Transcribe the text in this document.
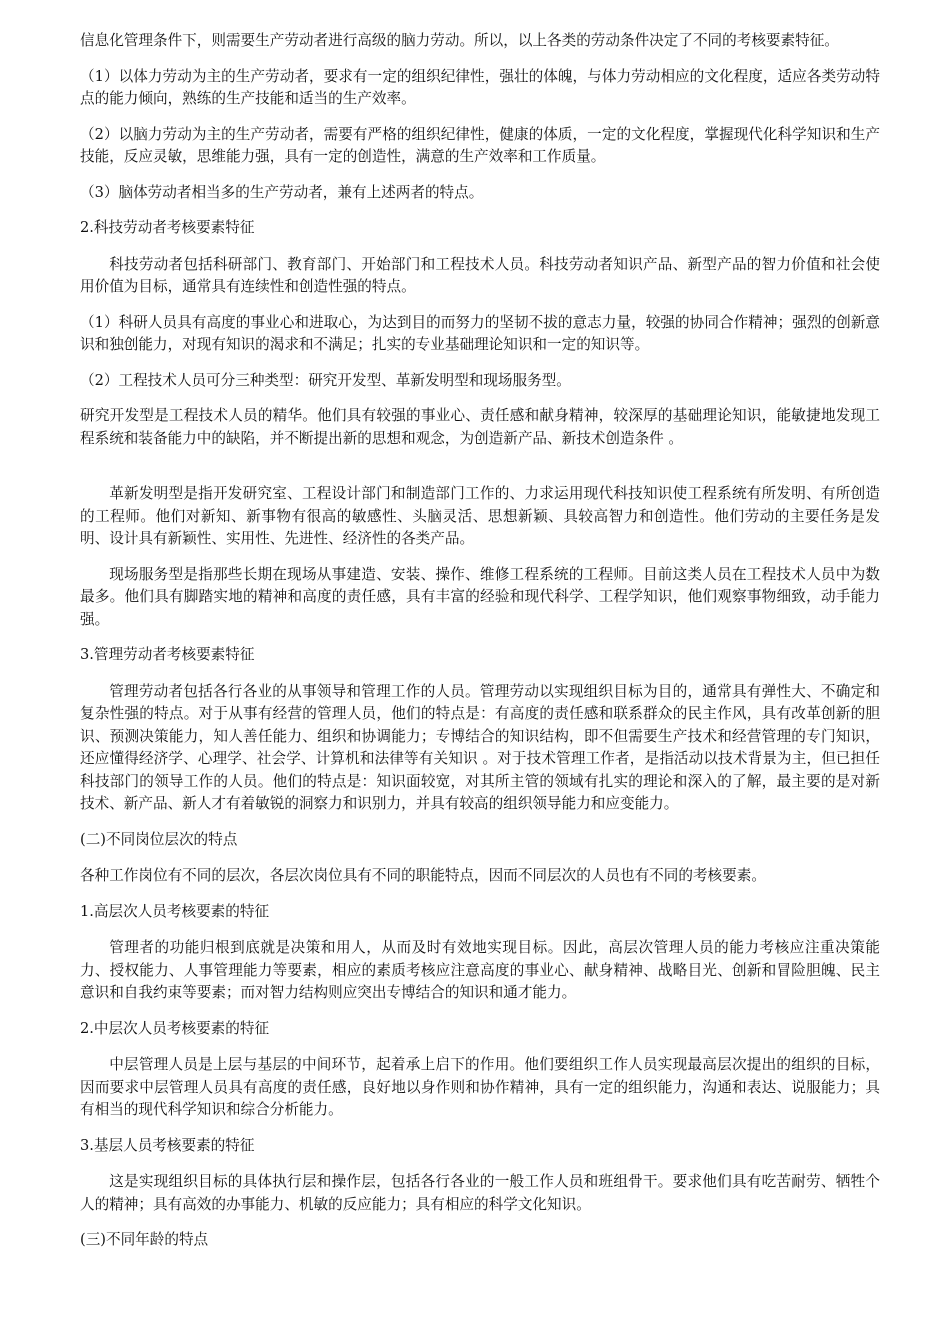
信息化管理条件下，则需要生产劳动者进行高级的脑力劳动。所以，以上各类的劳动条件决定了不同的考核要素特征。

（1）以体力劳动为主的生产劳动者，要求有一定的组织纪律性，强壮的体魄，与体力劳动相应的文化程度，适应各类劳动特点的能力倾向，熟练的生产技能和适当的生产效率。

（2）以脑力劳动为主的生产劳动者，需要有严格的组织纪律性，健康的体质，一定的文化程度，掌握现代化科学知识和生产技能，反应灵敏，思维能力强，具有一定的创造性，满意的生产效率和工作质量。

（3）脑体劳动者相当多的生产劳动者，兼有上述两者的特点。

2.科技劳动者考核要素特征

科技劳动者包括科研部门、教育部门、开始部门和工程技术人员。科技劳动者知识产品、新型产品的智力价值和社会使用价值为目标，通常具有连续性和创造性强的特点。

（1）科研人员具有高度的事业心和进取心，为达到目的而努力的坚韧不拔的意志力量，较强的协同合作精神；强烈的创新意识和独创能力，对现有知识的渴求和不满足；扎实的专业基础理论知识和一定的知识等。

（2）工程技术人员可分三种类型：研究开发型、革新发明型和现场服务型。

研究开发型是工程技术人员的精华。他们具有较强的事业心、责任感和献身精神，较深厚的基础理论知识，能敏捷地发现工程系统和装备能力中的缺陷，并不断提出新的思想和观念，为创造新产品、新技术创造条件 。

革新发明型是指开发研究室、工程设计部门和制造部门工作的、力求运用现代科技知识使工程系统有所发明、有所创造的工程师。他们对新知、新事物有很高的敏感性、头脑灵活、思想新颖、具较高智力和创造性。他们劳动的主要任务是发明、设计具有新颖性、实用性、先进性、经济性的各类产品。

现场服务型是指那些长期在现场从事建造、安装、操作、维修工程系统的工程师。目前这类人员在工程技术人员中为数最多。他们具有脚踏实地的精神和高度的责任感，具有丰富的经验和现代科学、工程学知识，他们观察事物细致，动手能力强。

3.管理劳动者考核要素特征

管理劳动者包括各行各业的从事领导和管理工作的人员。管理劳动以实现组织目标为目的，通常具有弹性大、不确定和复杂性强的特点。对于从事有经营的管理人员，他们的特点是：有高度的责任感和联系群众的民主作风，具有改革创新的胆识、预测决策能力，知人善任能力、组织和协调能力；专博结合的知识结构，即不但需要生产技术和经营管理的专门知识，还应懂得经济学、心理学、社会学、计算机和法律等有关知识 。对于技术管理工作者，是指活动以技术背景为主，但已担任科技部门的领导工作的人员。他们的特点是：知识面较宽，对其所主管的领域有扎实的理论和深入的了解，最主要的是对新技术、新产品、新人才有着敏锐的洞察力和识别力，并具有较高的组织领导能力和应变能力。

(二)不同岗位层次的特点

各种工作岗位有不同的层次，各层次岗位具有不同的职能特点，因而不同层次的人员也有不同的考核要素。

1.高层次人员考核要素的特征

管理者的功能归根到底就是决策和用人，从而及时有效地实现目标。因此，高层次管理人员的能力考核应注重决策能力、授权能力、人事管理能力等要素，相应的素质考核应注意高度的事业心、献身精神、战略目光、创新和冒险胆魄、民主意识和自我约束等要素；而对智力结构则应突出专博结合的知识和通才能力。

2.中层次人员考核要素的特征

中层管理人员是上层与基层的中间环节，起着承上启下的作用。他们要组织工作人员实现最高层次提出的组织的目标，因而要求中层管理人员具有高度的责任感，良好地以身作则和协作精神，具有一定的组织能力，沟通和表达、说服能力；具有相当的现代科学知识和综合分析能力。

3.基层人员考核要素的特征

这是实现组织目标的具体执行层和操作层，包括各行各业的一般工作人员和班组骨干。要求他们具有吃苦耐劳、牺牲个人的精神；具有高效的办事能力、机敏的反应能力；具有相应的科学文化知识。

(三)不同年龄的特点
